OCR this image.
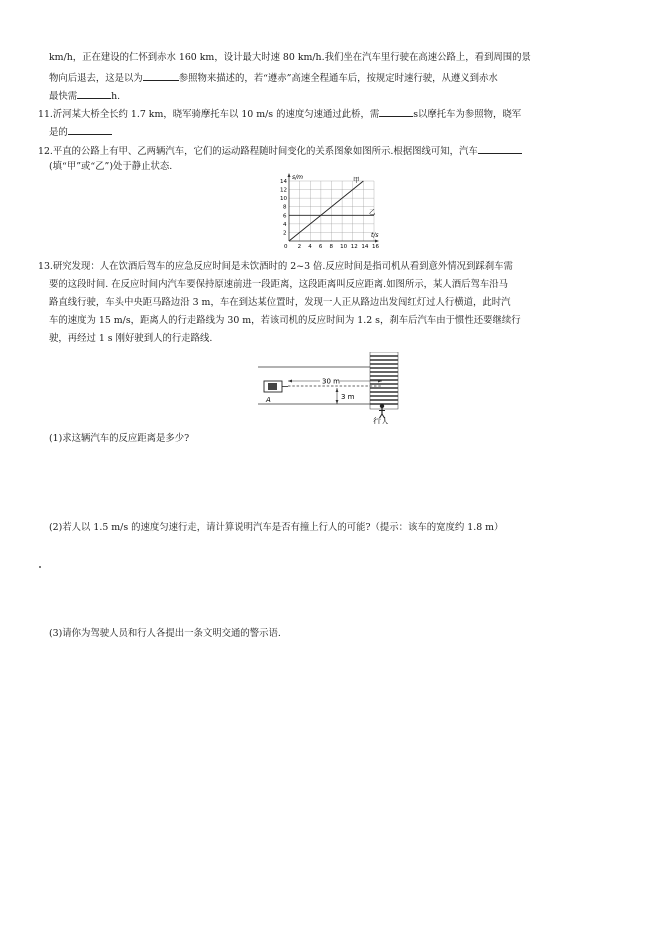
km/h，正在建设的仁怀到赤水 160 km，设计最大时速 80 km/h.我们坐在汽车里行驶在高速公路上，看到周围的景
物向后退去，这是以为	参照物来描述的，若“遵赤”高速全程通车后，按规定时速行驶，从遵义到赤水
最快需	h.
11.沂河某大桥全长约 1.7 km，晓军骑摩托车以 10 m/s 的速度匀速通过此桥，需	s以摩托车为参照物，晓军
是的
12.平直的公路上有甲、乙两辆汽车，它们的运动路程随时间变化的关系图象如图所示.根据图线可知，汽车
(填“甲”或“乙”)处于静止状态.
2 4 6 8 10 12 14 16
2
4
6
8
10
12
14
s/m
t/s
0
甲
乙
13.研究发现：人在饮酒后驾车的应急反应时间是未饮酒时的 2~3 倍.反应时间是指司机从看到意外情况到踩刹车需
要的这段时间. 在反应时间内汽车要保持原速前进一段距离，这段距离叫反应距离.如图所示，某人酒后驾车沿马
路直线行驶，车头中央距马路边沿 3 m，车在到达某位置时，发现一人正从路边出发闯红灯过人行横道，此时汽
车的速度为 15 m/s，距离人的行走路线为 30 m，若该司机的反应时间为 1.2 s，刹车后汽车由于惯性还要继续行
驶，再经过 1 s 刚好驶到人的行走路线.
30 m
3 m
A
行人
(1)求这辆汽车的反应距离是多少?
(2)若人以 1.5 m/s 的速度匀速行走，请计算说明汽车是否有撞上行人的可能?（提示：该车的宽度约 1.8 m）
(3)请你为驾驶人员和行人各提出一条文明交通的警示语.
